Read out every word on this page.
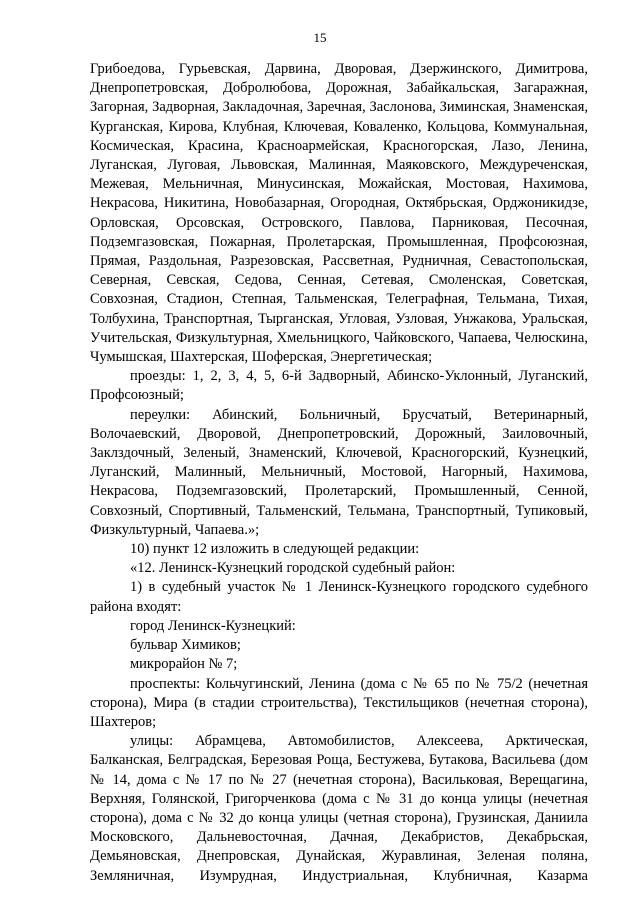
15

Грибоедова, Гурьевская, Дарвина, Дворовая, Дзержинского, Димитрова, Днепропетровская, Добролюбова, Дорожная, Забайкальская, Загаражная, Загорная, Задворная, Закладочная, Заречная, Заслонова, Зиминская, Знаменская, Курганская, Кирова, Клубная, Ключевая, Коваленко, Кольцова, Коммунальная, Космическая, Красина, Красноармейская, Красногорская, Лазо, Ленина, Луганская, Луговая, Львовская, Малинная, Маяковского, Междуреченская, Межевая, Мельничная, Минусинская, Можайская, Мостовая, Нахимова, Некрасова, Никитина, Новобазарная, Огородная, Октябрьская, Орджоникидзе, Орловская, Орсовская, Островского, Павлова, Парниковая, Песочная, Подземгазовская, Пожарная, Пролетарская, Промышленная, Профсоюзная, Прямая, Раздольная, Разрезовская, Рассветная, Рудничная, Севастопольская, Северная, Севская, Седова, Сенная, Сетевая, Смоленская, Советская, Совхозная, Стадион, Степная, Тальменская, Телеграфная, Тельмана, Тихая, Толбухина, Транспортная, Тырганская, Угловая, Узловая, Унжакова, Уральская, Учительская, Физкультурная, Хмельницкого, Чайковского, Чапаева, Челюскина, Чумышская, Шахтерская, Шоферская, Энергетическая;

проезды: 1, 2, 3, 4, 5, 6-й Задворный, Абинско-Уклонный, Луганский, Профсоюзный;

переулки: Абинский, Больничный, Брусчатый, Ветеринарный, Волочаевский, Дворовой, Днепропетровский, Дорожный, Заиловочный, Заклздочный, Зеленый, Знаменский, Ключевой, Красногорский, Кузнецкий, Луганский, Малинный, Мельничный, Мостовой, Нагорный, Нахимова, Некрасова, Подземгазовский, Пролетарский, Промышленный, Сенной, Совхозный, Спортивный, Тальменский, Тельмана, Транспортный, Тупиковый, Физкультурный, Чапаева.»;

10) пункт 12 изложить в следующей редакции:

«12. Ленинск-Кузнецкий городской судебный район:

1) в судебный участок № 1 Ленинск-Кузнецкого городского судебного района входят:

город Ленинск-Кузнецкий:

бульвар Химиков;

микрорайон № 7;

проспекты: Кольчугинский, Ленина (дома с № 65 по № 75/2 (нечетная сторона), Мира (в стадии строительства), Текстильщиков (нечетная сторона), Шахтеров;

улицы: Абрамцева, Автомобилистов, Алексеева, Арктическая, Балканская, Белградская, Березовая Роща, Бестужева, Бутакова, Васильева (дом № 14, дома с № 17 по № 27 (нечетная сторона), Васильковая, Верещагина, Верхняя, Голянской, Григорченкова (дома с № 31 до конца улицы (нечетная сторона), дома с № 32 до конца улицы (четная сторона), Грузинская, Даниила Московского, Дальневосточная, Дачная, Декабристов, Декабрьская, Демьяновская, Днепровская, Дунайская, Журавлиная, Зеленая поляна, Земляничная, Изумрудная, Индустриальная, Клубничная, Казарма
